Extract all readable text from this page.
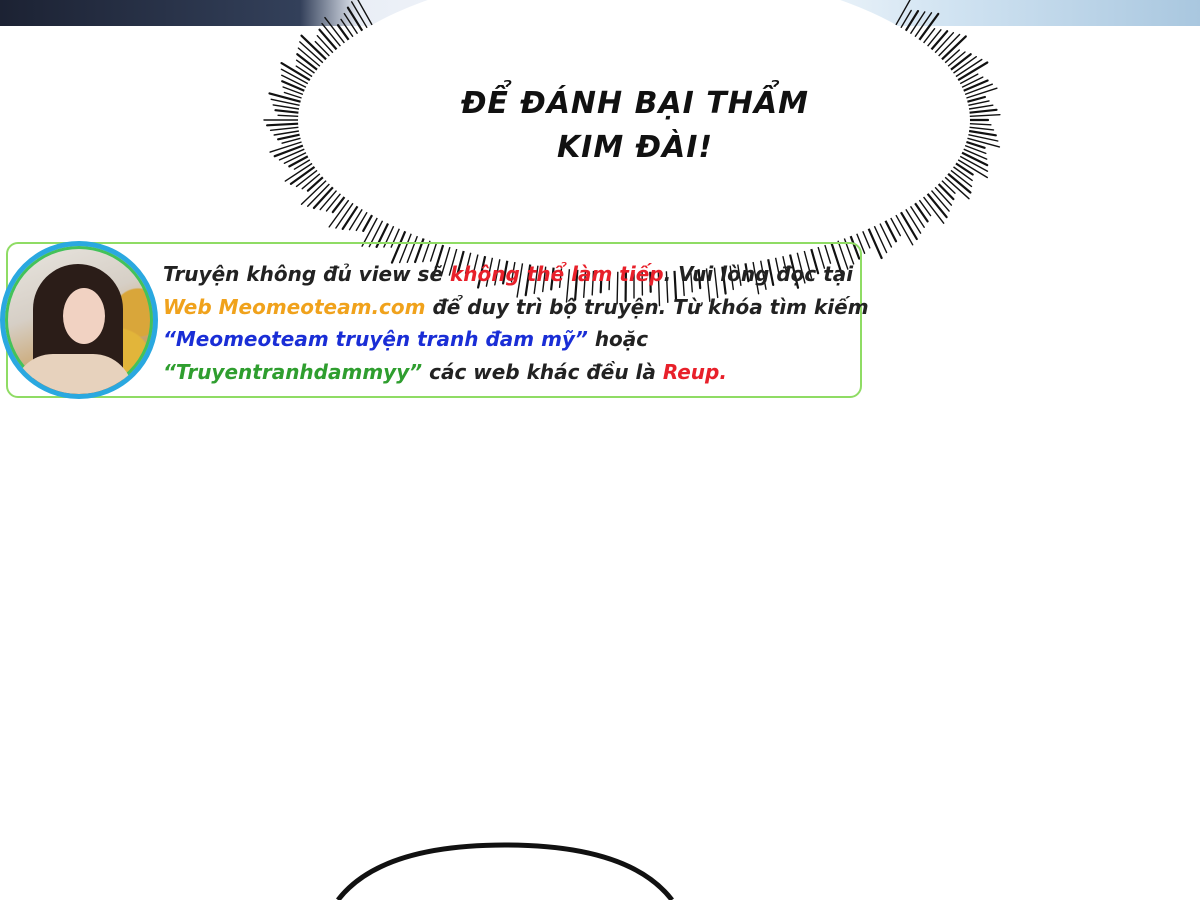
ĐỂ ĐÁNH BẠI THẨM
KIM ĐÀI!
Truyện không đủ view sẽ không thể làm tiếp. Vui lòng đọc tại
Web Meomeoteam.com để duy trì bộ truyện. Từ khóa tìm kiếm
“Meomeoteam truyện tranh đam mỹ” hoặc
“Truyentranhdammyy” các web khác đều là Reup.
